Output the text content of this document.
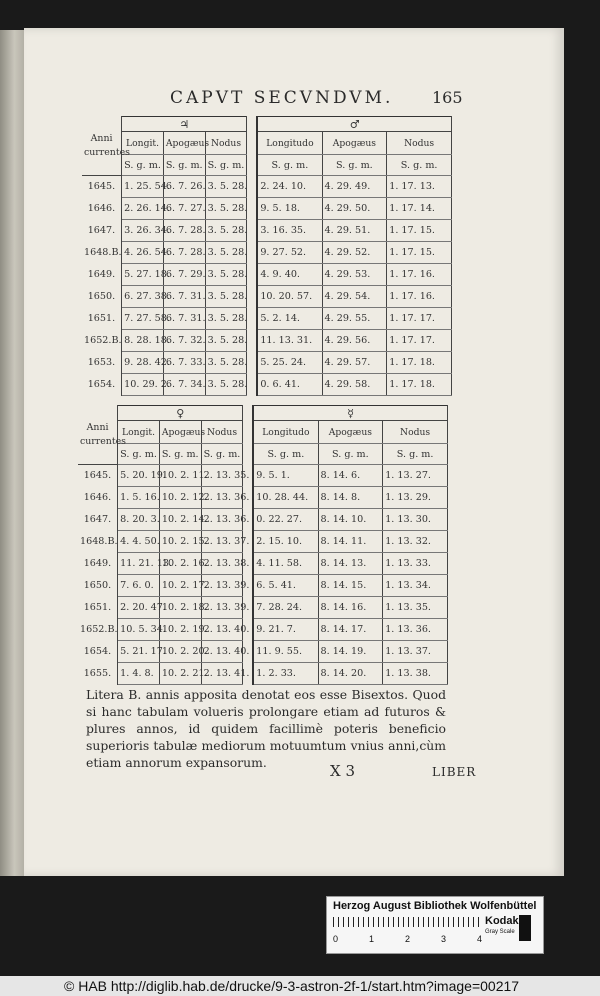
CAPVT SECVNDVM.	165
Anni
currentes	♃				♂		
	Longit.	Apogæus	Nodus		Longitudo	Apogæus	Nodus
	S. g. m.	S. g. m.	S. g. m.		S. g. m.	S. g. m.	S. g. m.
1645.	1. 25. 54.	6. 7. 26.	3. 5. 28.		2. 24. 10.	4. 29. 49.	1. 17. 13.
1646.	2. 26. 14.	6. 7. 27.	3. 5. 28.		9. 5. 18.	4. 29. 50.	1. 17. 14.
1647.	3. 26. 34.	6. 7. 28.	3. 5. 28.		3. 16. 35.	4. 29. 51.	1. 17. 15.
1648.B.	4. 26. 54.	6. 7. 28.	3. 5. 28.		9. 27. 52.	4. 29. 52.	1. 17. 15.
1649.	5. 27. 18.	6. 7. 29.	3. 5. 28.		4. 9. 40.	4. 29. 53.	1. 17. 16.
1650.	6. 27. 38.	6. 7. 31.	3. 5. 28.		10. 20. 57.	4. 29. 54.	1. 17. 16.
1651.	7. 27. 58.	6. 7. 31.	3. 5. 28.		5. 2. 14.	4. 29. 55.	1. 17. 17.
1652.B.	8. 28. 18.	6. 7. 32.	3. 5. 28.		11. 13. 31.	4. 29. 56.	1. 17. 17.
1653.	9. 28. 42.	6. 7. 33.	3. 5. 28.		5. 25. 24.	4. 29. 57.	1. 17. 18.
1654.	10. 29. 2.	6. 7. 34.	3. 5. 28.		0. 6. 41.	4. 29. 58.	1. 17. 18.
Anni
currentes	♀				☿		
	Longit.	Apogæus	Nodus		Longitudo	Apogæus	Nodus
	S. g. m.	S. g. m.	S. g. m.		S. g. m.	S. g. m.	S. g. m.
1645.	5. 20. 19.	10. 2. 11.	2. 13. 35.		9. 5. 1.	8. 14. 6.	1. 13. 27.
1646.	1. 5. 16.	10. 2. 12.	2. 13. 36.		10. 28. 44.	8. 14. 8.	1. 13. 29.
1647.	8. 20. 3.	10. 2. 14.	2. 13. 36.		0. 22. 27.	8. 14. 10.	1. 13. 30.
1648.B.	4. 4. 50.	10. 2. 15.	2. 13. 37.		2. 15. 10.	8. 14. 11.	1. 13. 32.
1649.	11. 21. 13.	10. 2. 16.	2. 13. 38.		4. 11. 58.	8. 14. 13.	1. 13. 33.
1650.	7. 6. 0.	10. 2. 17.	2. 13. 39.		6. 5. 41.	8. 14. 15.	1. 13. 34.
1651.	2. 20. 47.	10. 2. 18.	2. 13. 39.		7. 28. 24.	8. 14. 16.	1. 13. 35.
1652.B.	10. 5. 34.	10. 2. 19.	2. 13. 40.		9. 21. 7.	8. 14. 17.	1. 13. 36.
1654.	5. 21. 17.	10. 2. 20.	2. 13. 40.		11. 9. 55.	8. 14. 19.	1. 13. 37.
1655.	1. 4. 8.	10. 2. 21.	2. 13. 41.		1. 2. 33.	8. 14. 20.	1. 13. 38.
Litera B. annis apposita denotat eos esse Bisextos. Quod si hanc tabulam volueris prolongare etiam ad futuros & plures annos, id quidem facillimè poteris beneficio superioris tabulæ mediorum motuumtum vnius anni,cùm etiam annorum expansorum.	X 3	LIBER
Herzog August Bibliothek Wolfenbüttel
0	1	2	3	4
Kodak
Gray Scale
© HAB http://diglib.hab.de/drucke/9-3-astron-2f-1/start.htm?image=00217
